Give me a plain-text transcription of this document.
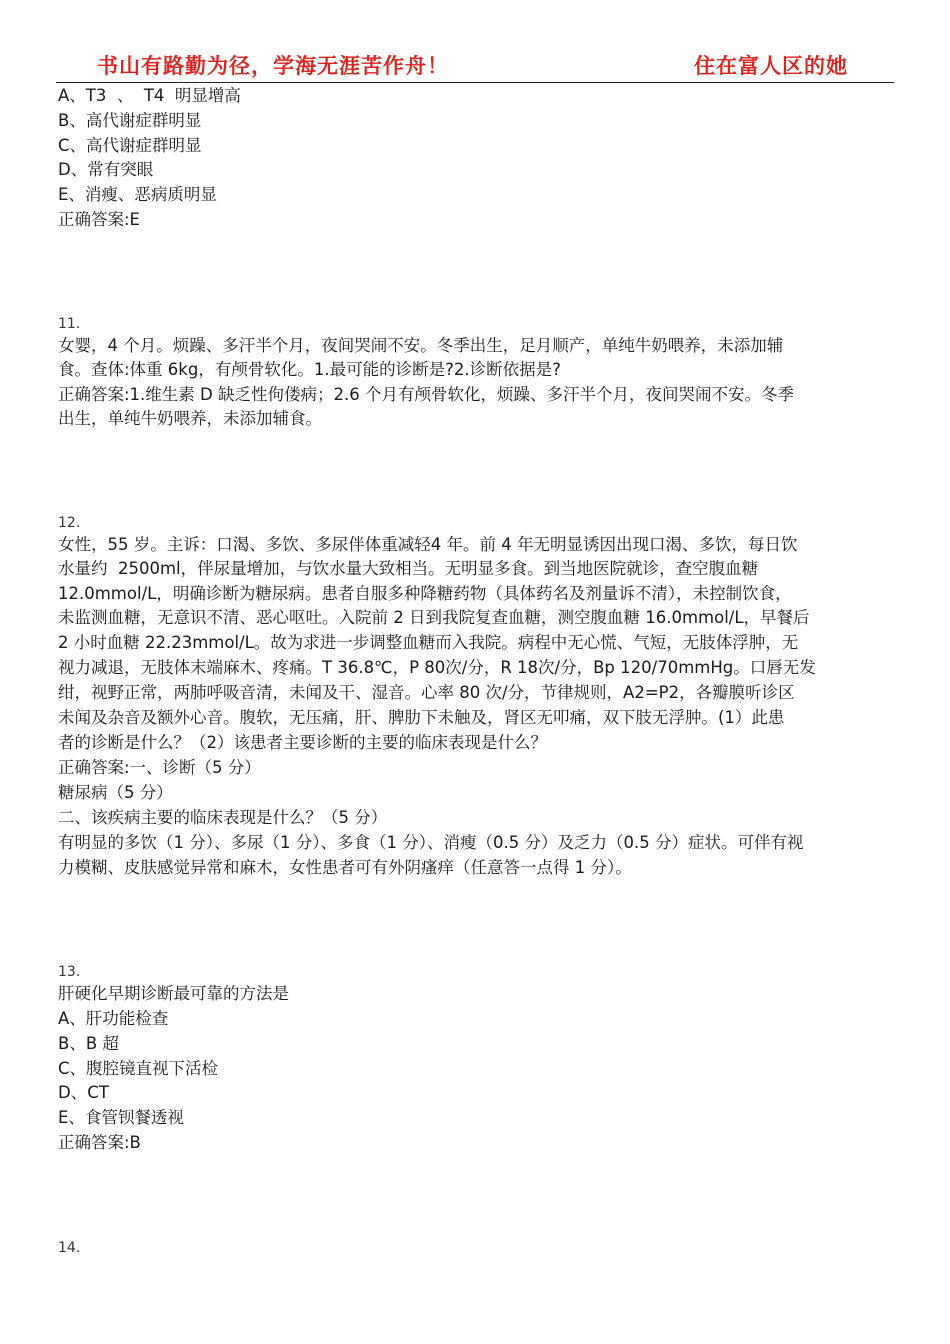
书山有路勤为径，学海无涯苦作舟！	住在富人区的她
A、T3  、  T4  明显增高
B、高代谢症群明显
C、高代谢症群明显
D、常有突眼
E、消瘦、恶病质明显
正确答案:E
11.
女婴，4 个月。烦躁、多汗半个月，夜间哭闹不安。冬季出生，足月顺产，单纯牛奶喂养，未添加辅
食。查体:体重 6kg，有颅骨软化。1.最可能的诊断是?2.诊断依据是?
正确答案:1.维生素 D 缺乏性佝偻病；2.6 个月有颅骨软化，烦躁、多汗半个月，夜间哭闹不安。冬季
出生，单纯牛奶喂养，未添加辅食。
12.
女性，55 岁。主诉：口渴、多饮、多尿伴体重减轻4 年。前 4 年无明显诱因出现口渴、多饮，每日饮
水量约  2500ml，伴尿量增加，与饮水量大致相当。无明显多食。到当地医院就诊，查空腹血糖
12.0mmol/L，明确诊断为糖尿病。患者自服多种降糖药物（具体药名及剂量诉不清），未控制饮食，
未监测血糖，无意识不清、恶心呕吐。入院前 2 日到我院复查血糖，测空腹血糖 16.0mmol/L，早餐后
2 小时血糖 22.23mmol/L。故为求进一步调整血糖而入我院。病程中无心慌、气短，无肢体浮肿，无
视力减退，无肢体末端麻木、疼痛。T 36.8℃，P 80次/分，R 18次/分，Bp 120/70mmHg。口唇无发
绀，视野正常，两肺呼吸音清，未闻及干、湿音。心率 80 次/分，节律规则，A2=P2，各瓣膜听诊区
未闻及杂音及额外心音。腹软，无压痛，肝、脾肋下未触及，肾区无叩痛，双下肢无浮肿。(1）此患
者的诊断是什么？（2）该患者主要诊断的主要的临床表现是什么？
正确答案:一、诊断（5 分）
糖尿病（5 分）
二、该疾病主要的临床表现是什么？（5 分）
有明显的多饮（1 分）、多尿（1 分）、多食（1 分）、消瘦（0.5 分）及乏力（0.5 分）症状。可伴有视
力模糊、皮肤感觉异常和麻木，女性患者可有外阴瘙痒（任意答一点得 1 分）。
13.
肝硬化早期诊断最可靠的方法是
A、肝功能检查
B、B 超
C、腹腔镜直视下活检
D、CT
E、食管钡餐透视
正确答案:B
14.
